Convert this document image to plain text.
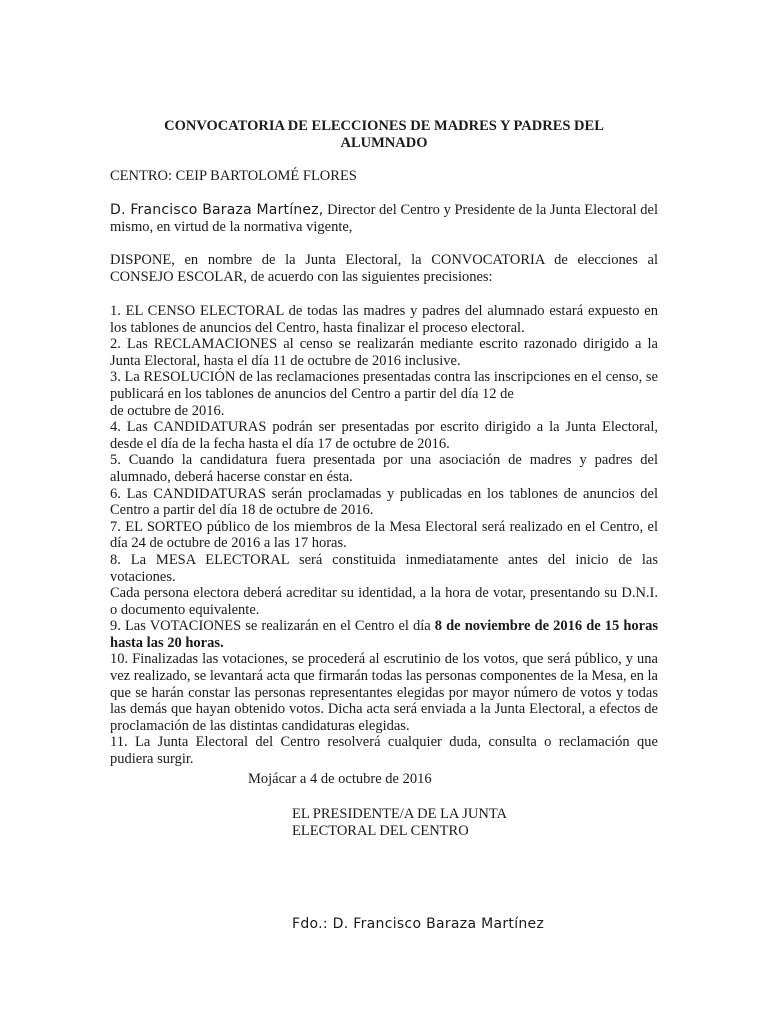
CONVOCATORIA DE ELECCIONES DE MADRES Y PADRES DEL
ALUMNADO
CENTRO: CEIP BARTOLOMÉ FLORES
D. Francisco Baraza Martínez, Director del Centro y Presidente de la Junta Electoral del mismo, en virtud de la normativa vigente,
DISPONE, en nombre de la Junta Electoral, la CONVOCATORIA de elecciones al CONSEJO ESCOLAR, de acuerdo con las siguientes precisiones:

1. EL CENSO ELECTORAL de todas las madres y padres del alumnado estará expuesto en los tablones de anuncios del Centro, hasta finalizar el proceso electoral.

2. Las RECLAMACIONES al censo se realizarán mediante escrito razonado dirigido a la Junta Electoral, hasta el día 11 de octubre de 2016 inclusive.

3. La RESOLUCIÓN de las reclamaciones presentadas contra las inscripciones en el censo, se publicará en los tablones de anuncios del Centro a partir del día 12 de

de octubre de 2016.

4. Las CANDIDATURAS podrán ser presentadas por escrito dirigido a la Junta Electoral, desde el día de la fecha hasta el día 17 de octubre de 2016.

5. Cuando la candidatura fuera presentada por una asociación de madres y padres del alumnado, deberá hacerse constar en ésta.

6. Las CANDIDATURAS serán proclamadas y publicadas en los tablones de anuncios del Centro a partir del día 18 de octubre de 2016.

7. EL SORTEO público de los miembros de la Mesa Electoral será realizado en el Centro, el día 24 de octubre de 2016 a las 17 horas.

8. La MESA ELECTORAL será constituida inmediatamente antes del inicio de las votaciones.

Cada persona electora deberá acreditar su identidad, a la hora de votar, presentando su D.N.I. o documento equivalente.

9. Las VOTACIONES se realizarán en el Centro el día 8 de noviembre de 2016 de 15 horas hasta las 20 horas.

10. Finalizadas las votaciones, se procederá al escrutinio de los votos, que será público, y una vez realizado, se levantará acta que firmarán todas las personas componentes de la Mesa, en la que se harán constar las personas representantes elegidas por mayor número de votos y todas las demás que hayan obtenido votos. Dicha acta será enviada a la Junta Electoral, a efectos de proclamación de las distintas candidaturas elegidas.

11. La Junta Electoral del Centro resolverá cualquier duda, consulta o reclamación que pudiera surgir.

Mojácar a 4 de octubre de 2016
EL PRESIDENTE/A DE LA JUNTA
ELECTORAL DEL CENTRO
Fdo.: D. Francisco Baraza Martínez
